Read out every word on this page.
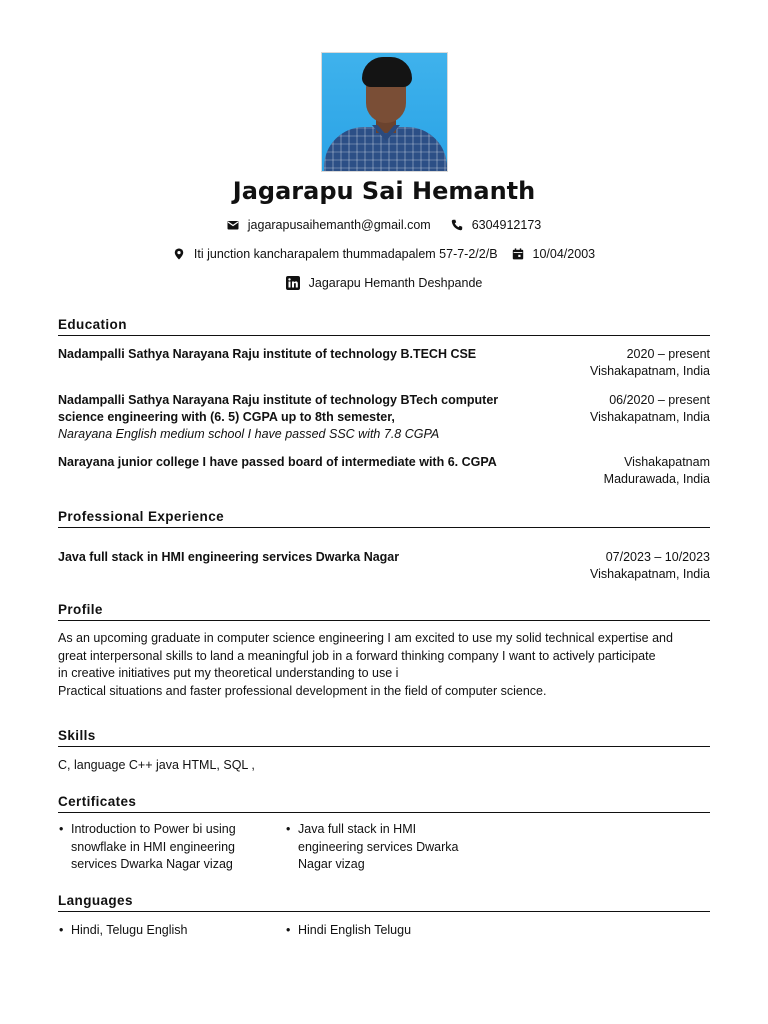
Jagarapu Sai Hemanth
jagarapusaihemanth@gmail.com	6304912173
Iti junction kancharapalem thummadapalem 57-7-2/2/B	10/04/2003
Jagarapu Hemanth Deshpande
Education
Nadampalli Sathya Narayana Raju institute of technology B.TECH CSE	2020 – present
Vishakapatnam, India
Nadampalli Sathya Narayana Raju institute of technology BTech computer
science engineering with (6. 5) CGPA up to 8th semester,
Narayana English medium school I have passed SSC with 7.8 CGPA
06/2020 – present
Vishakapatnam, India
Narayana junior college I have passed board of intermediate with 6. CGPA	Vishakapatnam
Madurawada, India
Professional Experience
Java full stack in HMI engineering services Dwarka Nagar	07/2023 – 10/2023
Vishakapatnam, India
Profile
As an upcoming graduate in computer science engineering I am excited to use my solid technical expertise and
great interpersonal skills to land a meaningful job in a forward thinking company I want to actively participate
in creative initiatives put my theoretical understanding to use i
Practical situations and faster professional development in the field of computer science.
Skills
C, language C++ java HTML, SQL ,
Certificates
• Introduction to Power bi using
snowflake in HMI engineering
services Dwarka Nagar vizag
• Java full stack in HMI
engineering services Dwarka
Nagar vizag
Languages
• Hindi, Telugu English
•	Hindi English Telugu
